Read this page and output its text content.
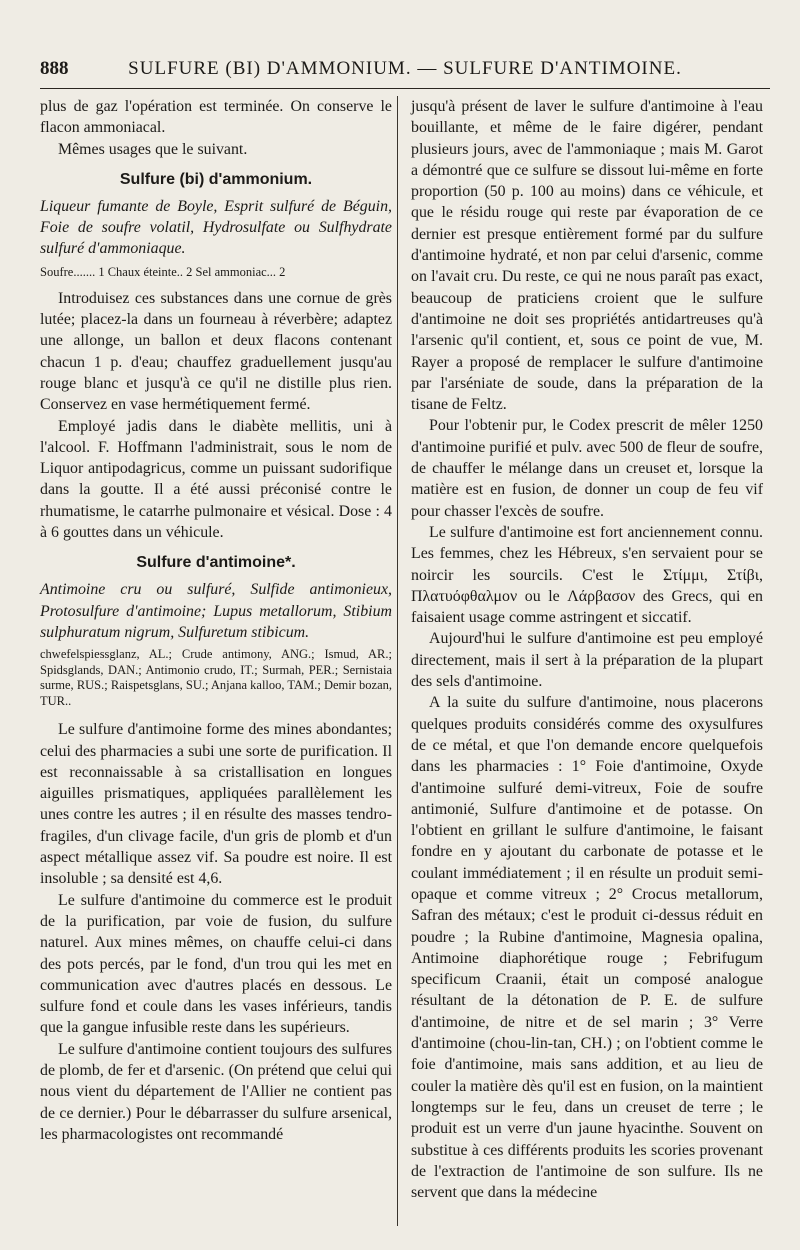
888	SULFURE (BI) D'AMMONIUM. — SULFURE D'ANTIMOINE.

plus de gaz l'opération est terminée. On conserve le flacon ammoniacal.

Mêmes usages que le suivant.

Sulfure (bi) d'ammonium.

Liqueur fumante de Boyle, Esprit sulfuré de Béguin, Foie de soufre volatil, Hydrosulfate ou Sulfhydrate sulfuré d'ammoniaque.

Soufre....... 1 Chaux éteinte.. 2 Sel ammoniac... 2

Introduisez ces substances dans une cornue de grès lutée; placez-la dans un fourneau à réverbère; adaptez une allonge, un ballon et deux flacons contenant chacun 1 p. d'eau; chauffez graduellement jusqu'au rouge blanc et jusqu'à ce qu'il ne distille plus rien. Conservez en vase hermétiquement fermé.

Employé jadis dans le diabète mellitis, uni à l'alcool. F. Hoffmann l'administrait, sous le nom de Liquor antipodagricus, comme un puissant sudorifique dans la goutte. Il a été aussi préconisé contre le rhumatisme, le catarrhe pulmonaire et vésical. Dose : 4 à 6 gouttes dans un véhicule.

Sulfure d'antimoine*.

Antimoine cru ou sulfuré, Sulfide antimonieux, Protosulfure d'antimoine; Lupus metallorum, Stibium sulphuratum nigrum, Sulfuretum stibicum.

chwefelspiessglanz, AL.; Crude antimony, ANG.; Ismud, AR.; Spidsglands, DAN.; Antimonio crudo, IT.; Surmah, PER.; Sernistaia surme, RUS.; Raispetsglans, SU.; Anjana kalloo, TAM.; Demir bozan, TUR..

Le sulfure d'antimoine forme des mines abondantes; celui des pharmacies a subi une sorte de purification. Il est reconnaissable à sa cristallisation en longues aiguilles prismatiques, appliquées parallèlement les unes contre les autres ; il en résulte des masses tendro-fragiles, d'un clivage facile, d'un gris de plomb et d'un aspect métallique assez vif. Sa poudre est noire. Il est insoluble ; sa densité est 4,6.

Le sulfure d'antimoine du commerce est le produit de la purification, par voie de fusion, du sulfure naturel. Aux mines mêmes, on chauffe celui-ci dans des pots percés, par le fond, d'un trou qui les met en communication avec d'autres placés en dessous. Le sulfure fond et coule dans les vases inférieurs, tandis que la gangue infusible reste dans les supérieurs.

Le sulfure d'antimoine contient toujours des sulfures de plomb, de fer et d'arsenic. (On prétend que celui qui nous vient du département de l'Allier ne contient pas de ce dernier.) Pour le débarrasser du sulfure arsenical, les pharmacologistes ont recommandé

jusqu'à présent de laver le sulfure d'antimoine à l'eau bouillante, et même de le faire digérer, pendant plusieurs jours, avec de l'ammoniaque ; mais M. Garot a démontré que ce sulfure se dissout lui-même en forte proportion (50 p. 100 au moins) dans ce véhicule, et que le résidu rouge qui reste par évaporation de ce dernier est presque entièrement formé par du sulfure d'antimoine hydraté, et non par celui d'arsenic, comme on l'avait cru. Du reste, ce qui ne nous paraît pas exact, beaucoup de praticiens croient que le sulfure d'antimoine ne doit ses propriétés antidartreuses qu'à l'arsenic qu'il contient, et, sous ce point de vue, M. Rayer a proposé de remplacer le sulfure d'antimoine par l'arséniate de soude, dans la préparation de la tisane de Feltz.

Pour l'obtenir pur, le Codex prescrit de mêler 1250 d'antimoine purifié et pulv. avec 500 de fleur de soufre, de chauffer le mélange dans un creuset et, lorsque la matière est en fusion, de donner un coup de feu vif pour chasser l'excès de soufre.

Le sulfure d'antimoine est fort anciennement connu. Les femmes, chez les Hébreux, s'en servaient pour se noircir les sourcils. C'est le Στίμμι, Στίβι, Πλατυόφθαλμον ou le Λάρβασον des Grecs, qui en faisaient usage comme astringent et siccatif.

Aujourd'hui le sulfure d'antimoine est peu employé directement, mais il sert à la préparation de la plupart des sels d'antimoine.

A la suite du sulfure d'antimoine, nous placerons quelques produits considérés comme des oxysulfures de ce métal, et que l'on demande encore quelquefois dans les pharmacies : 1° Foie d'antimoine, Oxyde d'antimoine sulfuré demi-vitreux, Foie de soufre antimonié, Sulfure d'antimoine et de potasse. On l'obtient en grillant le sulfure d'antimoine, le faisant fondre en y ajoutant du carbonate de potasse et le coulant immédiatement ; il en résulte un produit semi-opaque et comme vitreux ; 2° Crocus metallorum, Safran des métaux; c'est le produit ci-dessus réduit en poudre ; la Rubine d'antimoine, Magnesia opalina, Antimoine diaphorétique rouge ; Febrifugum specificum Craanii, était un composé analogue résultant de la détonation de P. E. de sulfure d'antimoine, de nitre et de sel marin ; 3° Verre d'antimoine (chou-lin-tan, CH.) ; on l'obtient comme le foie d'antimoine, mais sans addition, et au lieu de couler la matière dès qu'il est en fusion, on la maintient longtemps sur le feu, dans un creuset de terre ; le produit est un verre d'un jaune hyacinthe. Souvent on substitue à ces différents produits les scories provenant de l'extraction de l'antimoine de son sulfure. Ils ne servent que dans la médecine
